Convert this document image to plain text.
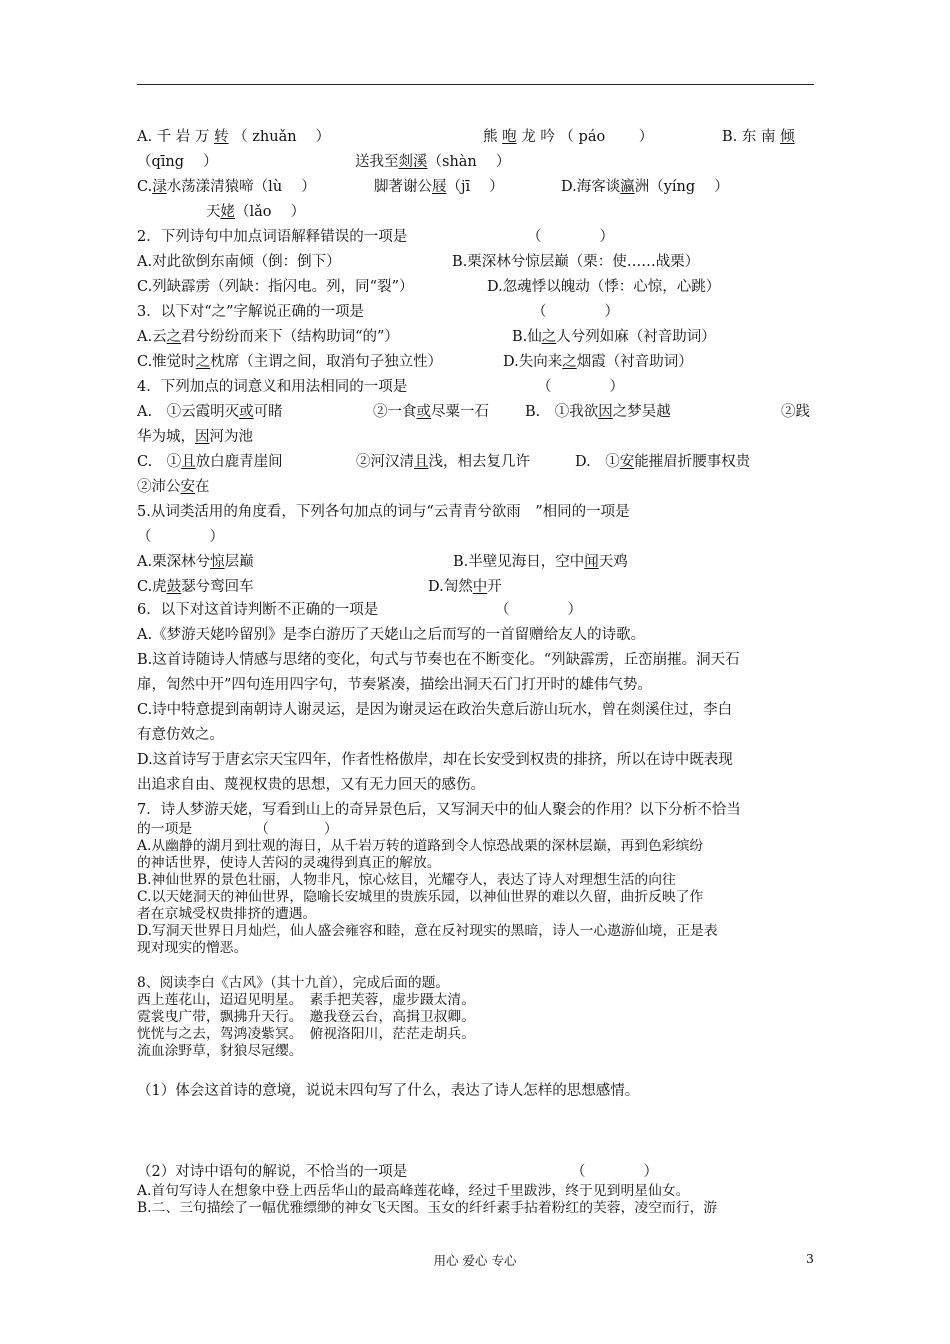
A. 千 岩 万 转 （ zhuǎn　 ）	熊 咆 龙 吟 （ páo　　 ）	B. 东 南 倾
（qīng　 ）	送我至剡溪（shàn　 ）
C.渌水荡漾清猿啼（lù　 ）	脚著谢公屐（jī　 ）	D.海客谈瀛洲（yíng　 ）
天姥（lǎo　 ）
2．下列诗句中加点词语解释错误的一项是	（　　　　）
A.对此欲倒东南倾（倒：倒下）	B.栗深林兮惊层巅（栗：使……战栗）
C.列缺霹雳（列缺：指闪电。列，同“裂”）	D.忽魂悸以魄动（悸：心惊，心跳）
3．以下对“之”字解说正确的一项是	（　　　　）
A.云之君兮纷纷而来下（结构助词“的”）	B.仙之人兮列如麻（衬音助词）
C.惟觉时之枕席（主谓之间，取消句子独立性）	D.失向来之烟霞（衬音助词）
4．下列加点的词意义和用法相同的一项是	（　　　　）
A.　①云霞明灭或可睹	②一食或尽粟一石 B.　①我欲因之梦吴越	②践
华为城，因河为池
C.　①且放白鹿青崖间	②河汉清且浅，相去复几许	D.　①安能摧眉折腰事权贵
②沛公安在
5.从词类活用的角度看，下列各句加点的词与“云青青兮欲雨　”相同的一项是
（　　　　）
A.栗深林兮惊层巅	B.半壁见海日，空中闻天鸡
C.虎鼓瑟兮鸾回车	D.訇然中开
6．以下对这首诗判断不正确的一项是	（　　　　）
A.《梦游天姥吟留别》是李白游历了天姥山之后而写的一首留赠给友人的诗歌。
B.这首诗随诗人情感与思绪的变化，句式与节奏也在不断变化。“列缺霹雳，丘峦崩摧。洞天石
扉，訇然中开”四句连用四字句，节奏紧凑，描绘出洞天石门打开时的雄伟气势。
C.诗中特意提到南朝诗人谢灵运，是因为谢灵运在政治失意后游山玩水，曾在剡溪住过，李白
有意仿效之。
D.这首诗写于唐玄宗天宝四年，作者性格傲岸，却在长安受到权贵的排挤，所以在诗中既表现
出追求自由、蔑视权贵的思想，又有无力回天的感伤。
7．诗人梦游天姥，写看到山上的奇异景色后，又写洞天中的仙人聚会的作用？以下分析不恰当
的一项是	（　　　　）
A.从幽静的湖月到壮观的海日，从千岩万转的道路到令人惊恐战栗的深林层巅，再到色彩缤纷
的神话世界，使诗人苦闷的灵魂得到真正的解放。
B.神仙世界的景色壮丽，人物非凡，惊心炫目，光耀夺人，表达了诗人对理想生活的向往
C.以天姥洞天的神仙世界，隐喻长安城里的贵族乐园，以神仙世界的难以久留，曲折反映了作
者在京城受权贵排挤的遭遇。
D.写洞天世界日月灿烂，仙人盛会雍容和睦，意在反衬现实的黑暗，诗人一心遨游仙境，正是表
现对现实的憎恶。
8、阅读李白《古风》（其十九首），完成后面的题。
西上莲花山，迢迢见明星。　素手把芙蓉，虚步蹑太清。
霓裳曳广带，飘拂升天行。　邀我登云台，高揖卫叔卿。
恍恍与之去，驾鸿凌紫冥。　俯视洛阳川，茫茫走胡兵。
流血涂野草，豺狼尽冠缨。
（1）体会这首诗的意境，说说末四句写了什么，表达了诗人怎样的思想感情。
（2）对诗中语句的解说，不恰当的一项是	（　　　　）
A.首句写诗人在想象中登上西岳华山的最高峰莲花峰，经过千里跋涉，终于见到明星仙女。
B.二、三句描绘了一幅优雅缥缈的神女飞天图。玉女的纤纤素手拈着粉红的芙蓉，凌空而行，游
用心 爱心 专心	3
